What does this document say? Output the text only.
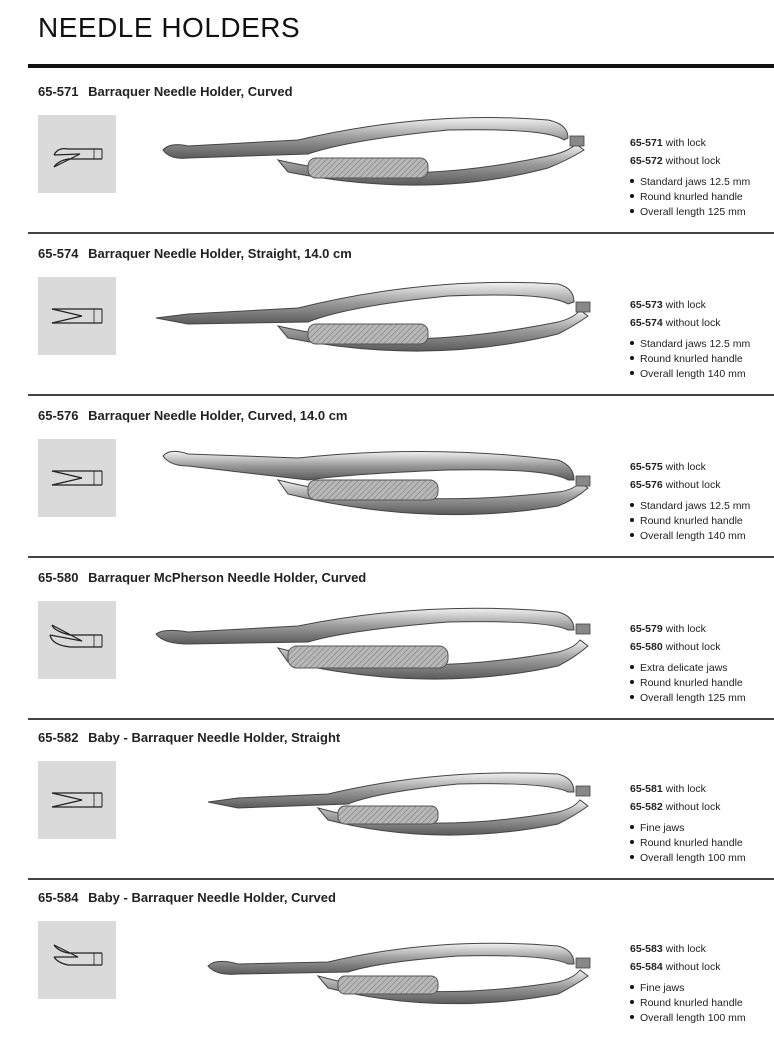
NEEDLE HOLDERS
65-571 Barraquer Needle Holder, Curved
65-571 with lock
65-572 without lock
Standard jaws 12.5 mm
Round knurled handle
Overall length 125 mm
65-574 Barraquer Needle Holder, Straight, 14.0 cm
65-573 with lock
65-574 without lock
Standard jaws 12.5 mm
Round knurled handle
Overall length 140 mm
65-576 Barraquer Needle Holder, Curved, 14.0 cm
65-575 with lock
65-576 without lock
Standard jaws 12.5 mm
Round knurled handle
Overall length 140 mm
65-580 Barraquer McPherson Needle Holder, Curved
65-579 with lock
65-580 without lock
Extra delicate jaws
Round knurled handle
Overall length 125 mm
65-582 Baby - Barraquer Needle Holder, Straight
65-581 with lock
65-582 without lock
Fine jaws
Round knurled handle
Overall length 100 mm
65-584 Baby - Barraquer Needle Holder, Curved
65-583 with lock
65-584 without lock
Fine jaws
Round knurled handle
Overall length 100 mm
